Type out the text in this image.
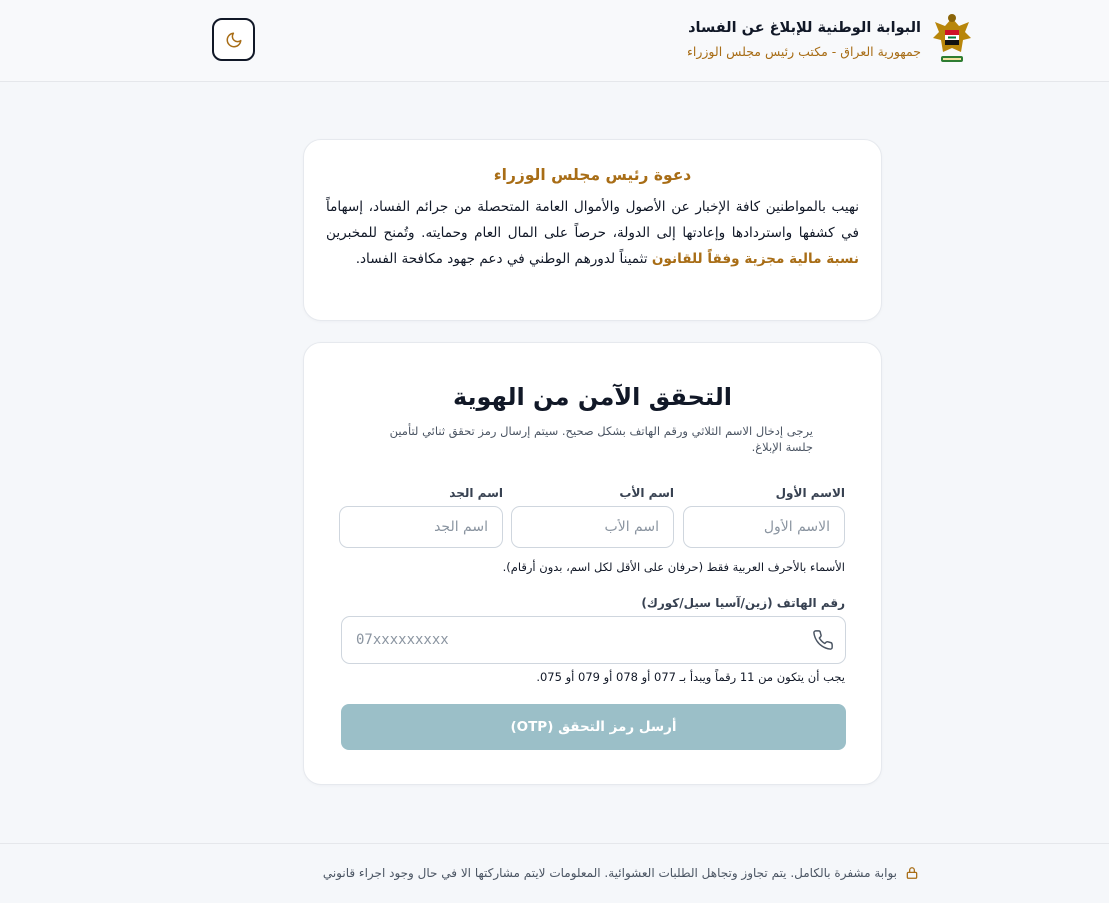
البوابة الوطنية للإبلاغ عن الفساد
جمهورية العراق - مكتب رئيس مجلس الوزراء
دعوة رئيس مجلس الوزراء

نهيب بالمواطنين كافة الإخبار عن الأصول والأموال العامة المتحصلة من جرائم الفساد، إسهاماً في كشفها واستردادها وإعادتها إلى الدولة، حرصاً على المال العام وحمايته. وتُمنح للمخبرين نسبة مالية مجزية وفقاً للقانون تثميناً لدورهم الوطني في دعم جهود مكافحة الفساد.

التحقق الآمن من الهوية

يرجى إدخال الاسم الثلاثي ورقم الهاتف بشكل صحيح. سيتم إرسال رمز تحقق ثنائي لتأمين جلسة الإبلاغ.

الاسم الأول
اسم الأب
اسم الجد
الاسم الأول
اسم الأب
اسم الجد
الأسماء بالأحرف العربية فقط (حرفان على الأقل لكل اسم، بدون أرقام).
رقم الهاتف (زين/آسيا سيل/كورك)
07xxxxxxxxx
يجب أن يتكون من 11 رقماً ويبدأ بـ 077 أو 078 أو 079 أو 075.
أرسل رمز التحقق (OTP)
بوابة مشفرة بالكامل. يتم تجاوز وتجاهل الطلبات العشوائية. المعلومات لايتم مشاركتها الا في حال وجود اجراء قانوني
